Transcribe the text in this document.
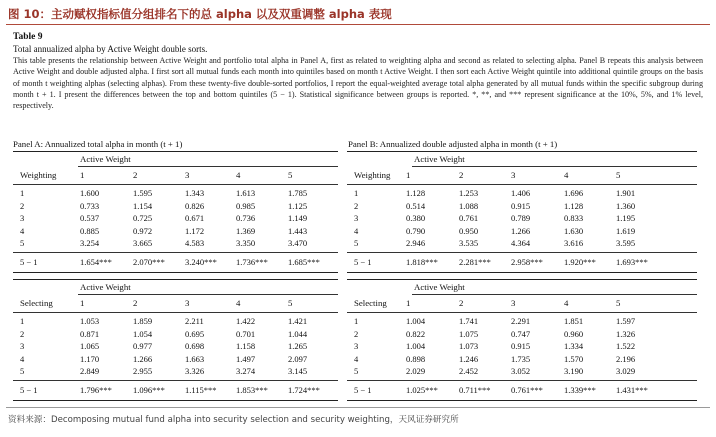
图 10：主动赋权指标值分组排名下的总 alpha 以及双重调整 alpha 表现
Table 9
Total annualized alpha by Active Weight double sorts.

This table presents the relationship between Active Weight and portfolio total alpha in Panel A, first as related to weighting alpha and second as related to selecting alpha. Panel B repeats this analysis between Active Weight and double adjusted alpha. I first sort all mutual funds each month into quintiles based on month t Active Weight. I then sort each Active Weight quintile into additional quintile groups on the basis of month t weighting alphas (selecting alphas). From these twenty-five double-sorted portfolios, I report the equal-weighted average total alpha generated by all mutual funds within the specific subgroup during month t + 1. I present the differences between the top and bottom quintiles (5 − 1). Statistical significance between groups is reported. *, **, and *** represent significance at the 10%, 5%, and 1% level, respectively.

Panel A: Annualized total alpha in month (t + 1)	Panel B: Annualized double adjusted alpha in month (t + 1)
Active Weight
Weighting	1	2	3	4	5
1	1.600	1.595	1.343	1.613	1.785
2	0.733	1.154	0.826	0.985	1.125
3	0.537	0.725	0.671	0.736	1.149
4	0.885	0.972	1.172	1.369	1.443
5	3.254	3.665	4.583	3.350	3.470
5 − 1	1.654*** 2.070*** 3.240*** 1.736*** 1.685***
Active Weight
Selecting	1	2	3	4	5
1	1.053	1.859	2.211	1.422	1.421
2	0.871	1.054	0.695	0.701	1.044
3	1.065	0.977	0.698	1.158	1.265
4	1.170	1.266	1.663	1.497	2.097
5	2.849	2.955	3.326	3.274	3.145
5 − 1	1.796*** 1.096*** 1.115*** 1.853*** 1.724***
Active Weight
Weighting 1	2	3	4	5
1	1.128	1.253	1.406	1.696	1.901
2	0.514	1.088	0.915	1.128	1.360
3	0.380	0.761	0.789	0.833	1.195
4	0.790	0.950	1.266	1.630	1.619
5	2.946	3.535	4.364	3.616	3.595
5 − 1	1.818*** 2.281*** 2.958*** 1.920*** 1.693***
Active Weight
Selecting 1	2	3	4	5
1	1.004	1.741	2.291	1.851	1.597
2	0.822	1.075	0.747	0.960	1.326
3	1.004	1.073	0.915	1.334	1.522
4	0.898	1.246	1.735	1.570	2.196
5	2.029	2.452	3.052	3.190	3.029
5 − 1	1.025*** 0.711*** 0.761*** 1.339*** 1.431***
资料来源：Decomposing mutual fund alpha into security selection and security weighting，天风证券研究所
